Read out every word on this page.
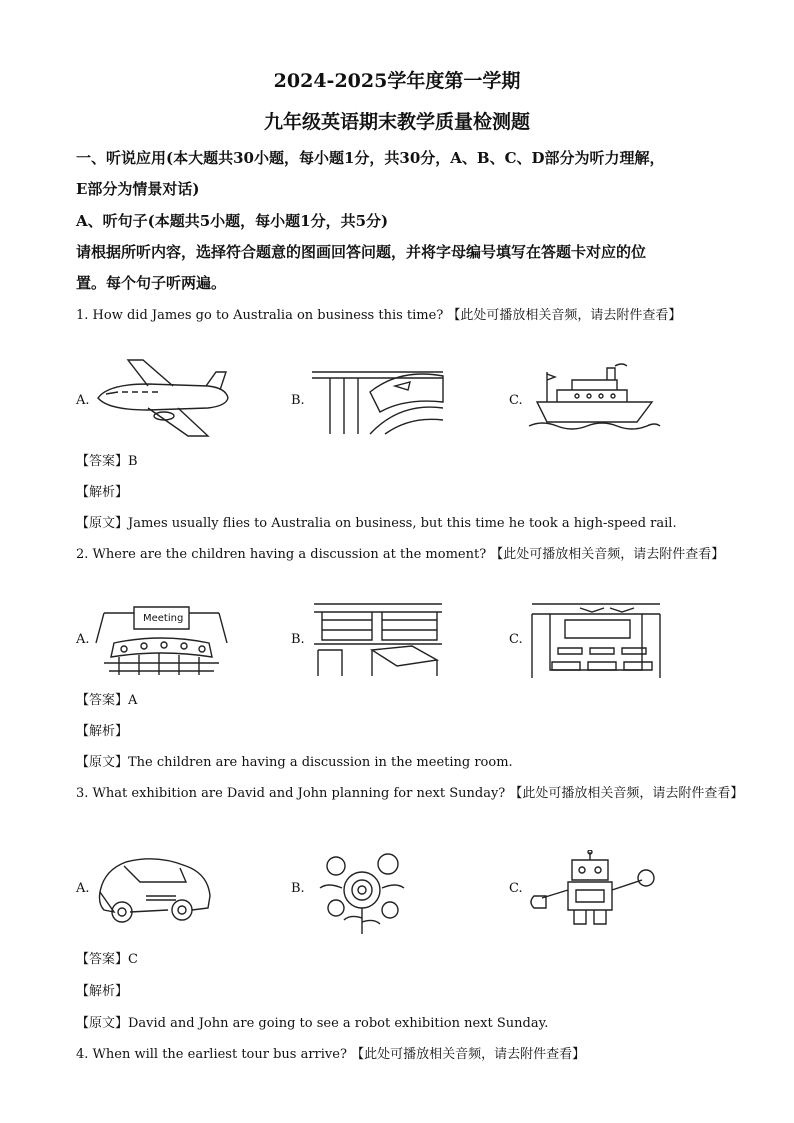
2024-2025学年度第一学期
九年级英语期末教学质量检测题
一、听说应用(本大题共30小题，每小题1分，共30分，A、B、C、D部分为听力理解，
E部分为情景对话)
A、听句子(本题共5小题，每小题1分，共5分)
请根据所听内容，选择符合题意的图画回答问题，并将字母编号填写在答题卡对应的位
置。每个句子听两遍。
1. How did James go to Australia on business this time? 【此处可播放相关音频，请去附件查看】
A.	B.	C.
【答案】B
【解析】
【原文】James usually flies to Australia on business, but this time he took a high-speed rail.
2. Where are the children having a discussion at the moment? 【此处可播放相关音频，请去附件查看】
A.
Meeting
B.	C.
【答案】A
【解析】
【原文】The children are having a discussion in the meeting room.
3. What exhibition are David and John planning for next Sunday? 【此处可播放相关音频，请去附件查看】
A.	B.	C.
【答案】C
【解析】
【原文】David and John are going to see a robot exhibition next Sunday.
4. When will the earliest tour bus arrive? 【此处可播放相关音频，请去附件查看】
